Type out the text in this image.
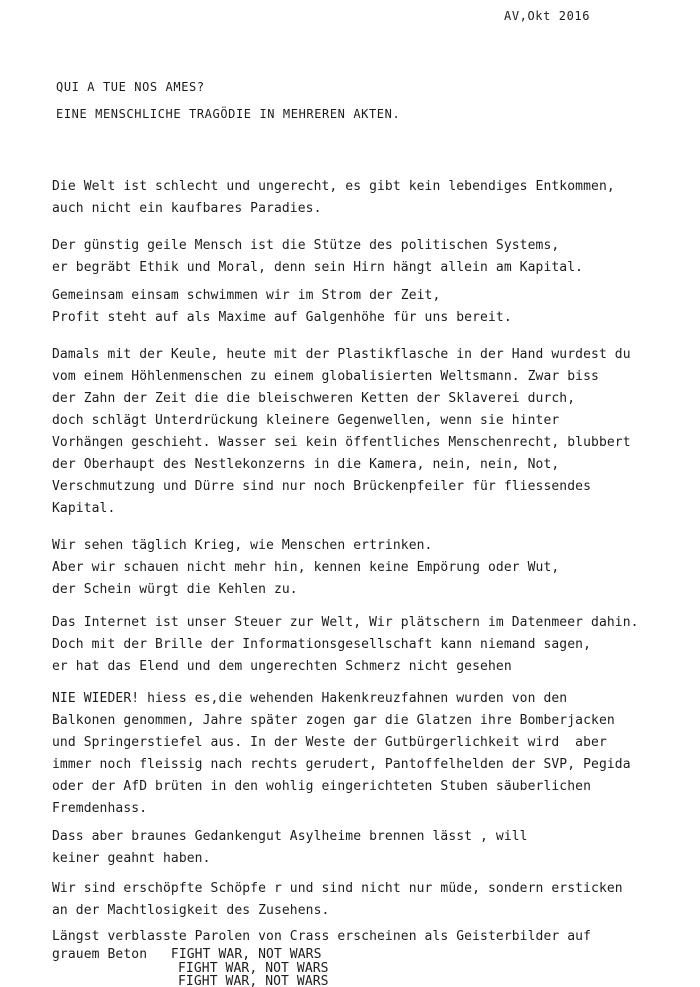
AV,Okt 2016
QUI A TUE NOS AMES?
EINE MENSCHLICHE TRAGÖDIE IN MEHREREN AKTEN.
Die Welt ist schlecht und ungerecht, es gibt kein lebendiges Entkommen,
auch nicht ein kaufbares Paradies.
Der günstig geile Mensch ist die Stütze des politischen Systems,
er begräbt Ethik und Moral, denn sein Hirn hängt allein am Kapital.
Gemeinsam einsam schwimmen wir im Strom der Zeit,
Profit steht auf als Maxime auf Galgenhöhe für uns bereit.
Damals mit der Keule, heute mit der Plastikflasche in der Hand wurdest du
vom einem Höhlenmenschen zu einem globalisierten Weltsmann. Zwar biss
der Zahn der Zeit die die bleischweren Ketten der Sklaverei durch,
doch schlägt Unterdrückung kleinere Gegenwellen, wenn sie hinter
Vorhängen geschieht. Wasser sei kein öffentliches Menschenrecht, blubbert
der Oberhaupt des Nestlekonzerns in die Kamera, nein, nein, Not,
Verschmutzung und Dürre sind nur noch Brückenpfeiler für fliessendes
Kapital.
Wir sehen täglich Krieg, wie Menschen ertrinken.
Aber wir schauen nicht mehr hin, kennen keine Empörung oder Wut,
der Schein würgt die Kehlen zu.
Das Internet ist unser Steuer zur Welt, Wir plätschern im Datenmeer dahin.
Doch mit der Brille der Informationsgesellschaft kann niemand sagen,
er hat das Elend und dem ungerechten Schmerz nicht gesehen
NIE WIEDER! hiess es,die wehenden Hakenkreuzfahnen wurden von den
Balkonen genommen, Jahre später zogen gar die Glatzen ihre Bomberjacken
und Springerstiefel aus. In der Weste der Gutbürgerlichkeit wird  aber
immer noch fleissig nach rechts gerudert, Pantoffelhelden der SVP, Pegida
oder der AfD brüten in den wohlig eingerichteten Stuben säuberlichen
Fremdenhass.
Dass aber braunes Gedankengut Asylheime brennen lässt , will
keiner geahnt haben.
Wir sind erschöpfte Schöpfe r und sind nicht nur müde, sondern ersticken
an der Machtlosigkeit des Zusehens.
Längst verblasste Parolen von Crass erscheinen als Geisterbilder auf
grauem Beton   FIGHT WAR, NOT WARS
FIGHT WAR, NOT WARS
FIGHT WAR, NOT WARS
